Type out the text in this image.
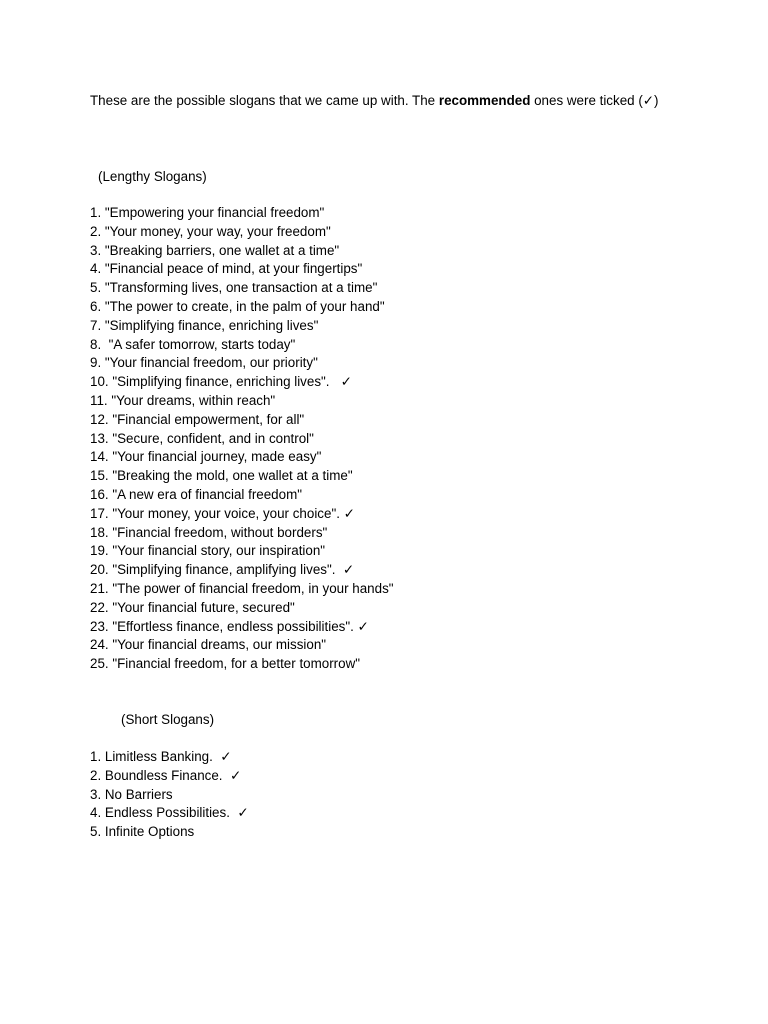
These are the possible slogans that we came up with. The recommended ones were ticked (✓)
(Lengthy Slogans)
1. "Empowering your financial freedom"
2. "Your money, your way, your freedom"
3. "Breaking barriers, one wallet at a time"
4. "Financial peace of mind, at your fingertips"
5. "Transforming lives, one transaction at a time"
6. "The power to create, in the palm of your hand"
7. "Simplifying finance, enriching lives"
8.  "A safer tomorrow, starts today"
9. "Your financial freedom, our priority"
10. "Simplifying finance, enriching lives".   ✓
11. "Your dreams, within reach"
12. "Financial empowerment, for all"
13. "Secure, confident, and in control"
14. "Your financial journey, made easy"
15. "Breaking the mold, one wallet at a time"
16. "A new era of financial freedom"
17. "Your money, your voice, your choice". ✓
18. "Financial freedom, without borders"
19. "Your financial story, our inspiration"
20. "Simplifying finance, amplifying lives".  ✓
21. "The power of financial freedom, in your hands"
22. "Your financial future, secured"
23. "Effortless finance, endless possibilities". ✓
24. "Your financial dreams, our mission"
25. "Financial freedom, for a better tomorrow"
(Short Slogans)
1. Limitless Banking.  ✓
2. Boundless Finance.  ✓
3. No Barriers
4. Endless Possibilities.  ✓
5. Infinite Options
